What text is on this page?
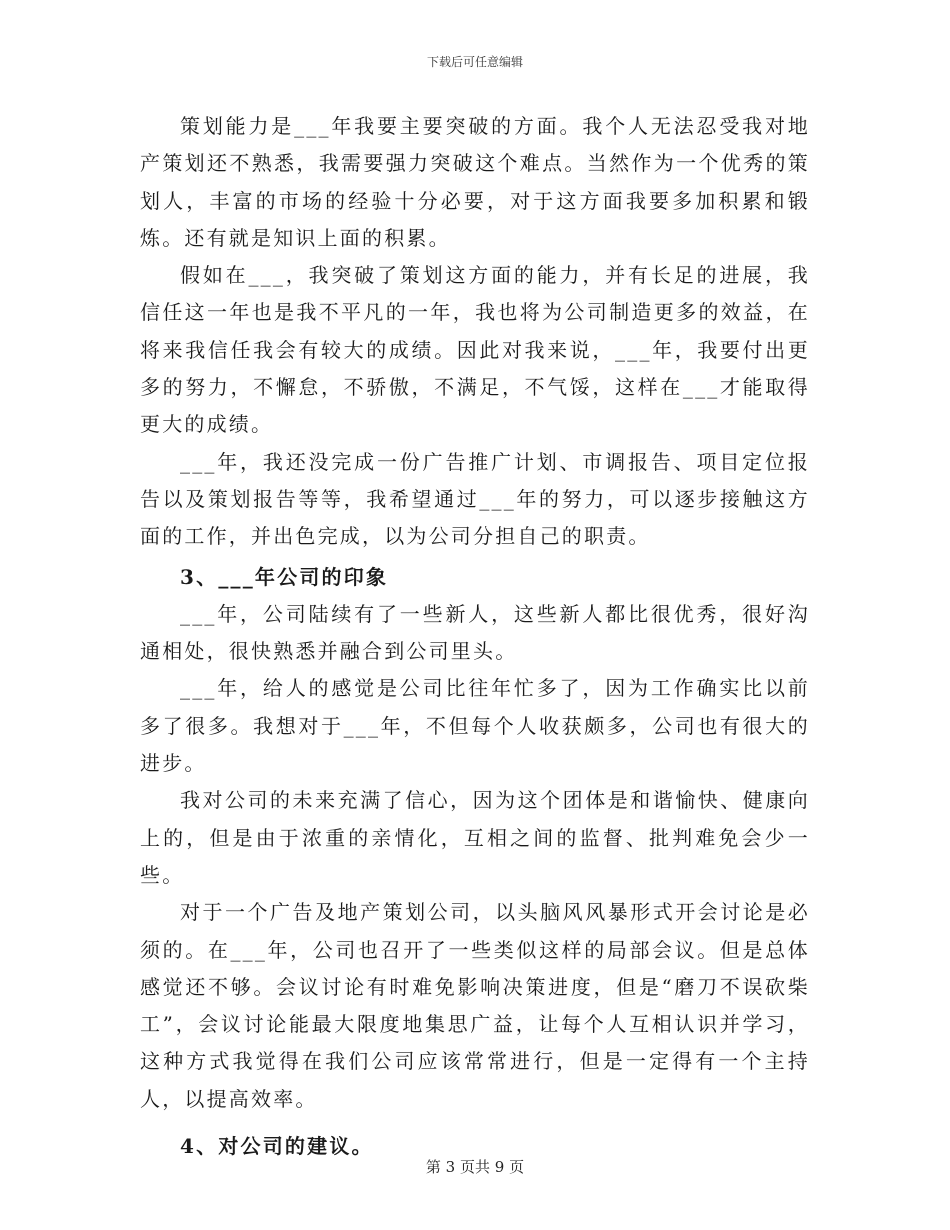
下载后可任意编辑

策划能力是___年我要主要突破的方面。我个人无法忍受我对地产策划还不熟悉，我需要强力突破这个难点。当然作为一个优秀的策划人，丰富的市场的经验十分必要，对于这方面我要多加积累和锻炼。还有就是知识上面的积累。

假如在___，我突破了策划这方面的能力，并有长足的进展，我信任这一年也是我不平凡的一年，我也将为公司制造更多的效益，在将来我信任我会有较大的成绩。因此对我来说，___年，我要付出更多的努力，不懈怠，不骄傲，不满足，不气馁，这样在___才能取得更大的成绩。

___年，我还没完成一份广告推广计划、市调报告、项目定位报告以及策划报告等等，我希望通过___年的努力，可以逐步接触这方面的工作，并出色完成，以为公司分担自己的职责。

3、___年公司的印象

___年，公司陆续有了一些新人，这些新人都比很优秀，很好沟通相处，很快熟悉并融合到公司里头。

___年，给人的感觉是公司比往年忙多了，因为工作确实比以前多了很多。我想对于___年，不但每个人收获颇多，公司也有很大的进步。

我对公司的未来充满了信心，因为这个团体是和谐愉快、健康向上的，但是由于浓重的亲情化，互相之间的监督、批判难免会少一些。

对于一个广告及地产策划公司，以头脑风风暴形式开会讨论是必须的。在___年，公司也召开了一些类似这样的局部会议。但是总体感觉还不够。会议讨论有时难免影响决策进度，但是“磨刀不误砍柴工”，会议讨论能最大限度地集思广益，让每个人互相认识并学习，这种方式我觉得在我们公司应该常常进行，但是一定得有一个主持人，以提高效率。

4、对公司的建议。

第 3 页共 9 页
